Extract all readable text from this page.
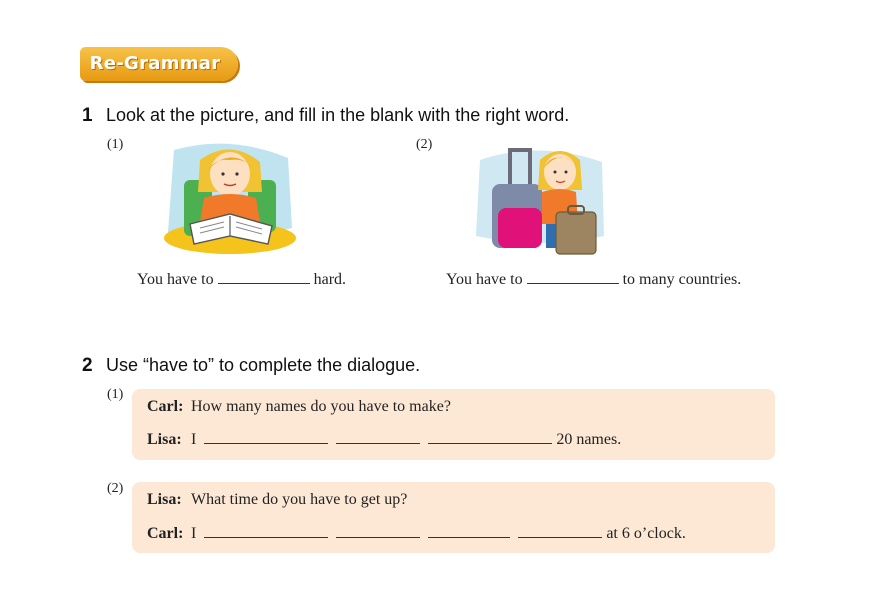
Re-Grammar
1 Look at the picture, and fill in the blank with the right word.
(1)	(2)
You have to	hard.	You have to	to many countries.
2 Use “have to” to complete the dialogue.
(1)
Carl: How many names do you have to make?
Lisa: I	20 names.
(2)
Lisa: What time do you have to get up?
Carl: I	at 6 o’clock.
